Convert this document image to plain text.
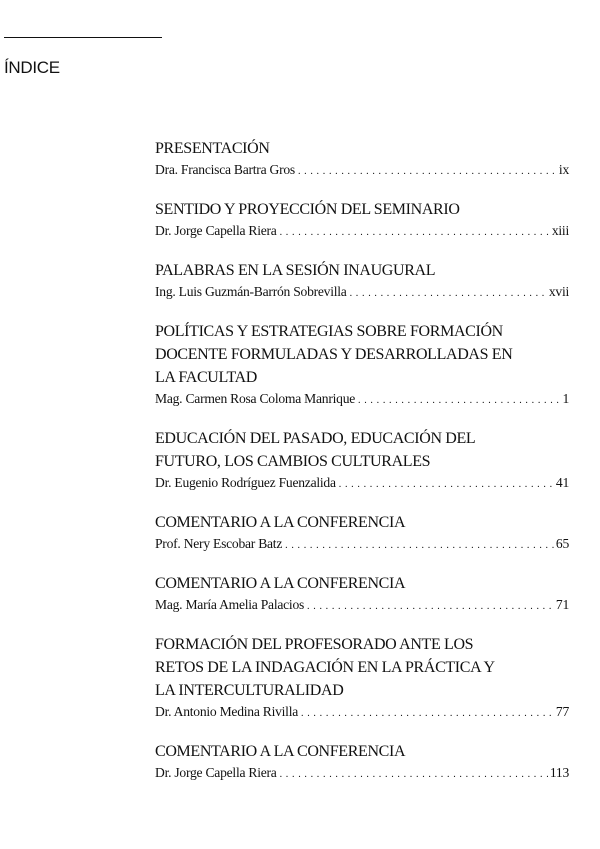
ÍNDICE
PRESENTACIÓN
Dra. Francisca Bartra Gros . . .	ix
SENTIDO Y PROYECCIÓN DEL SEMINARIO
Dr. Jorge Capella Riera . . .	xiii
PALABRAS EN LA SESIÓN INAUGURAL
Ing. Luis Guzmán-Barrón Sobrevilla . . .	xvii
POLÍTICAS Y ESTRATEGIAS SOBRE FORMACIÓN
DOCENTE FORMULADAS Y DESARROLLADAS EN
LA FACULTAD
Mag. Carmen Rosa Coloma Manrique . . .	1
EDUCACIÓN DEL PASADO, EDUCACIÓN DEL
FUTURO, LOS CAMBIOS CULTURALES
Dr. Eugenio Rodríguez Fuenzalida . . .	41
COMENTARIO A LA CONFERENCIA
Prof. Nery Escobar Batz . . .	65
COMENTARIO A LA CONFERENCIA
Mag. María Amelia Palacios . . .	71
FORMACIÓN DEL PROFESORADO ANTE LOS
RETOS DE LA INDAGACIÓN EN LA PRÁCTICA Y
LA INTERCULTURALIDAD
Dr. Antonio Medina Rivilla . . .	77
COMENTARIO A LA CONFERENCIA
Dr. Jorge Capella Riera . . .	113
